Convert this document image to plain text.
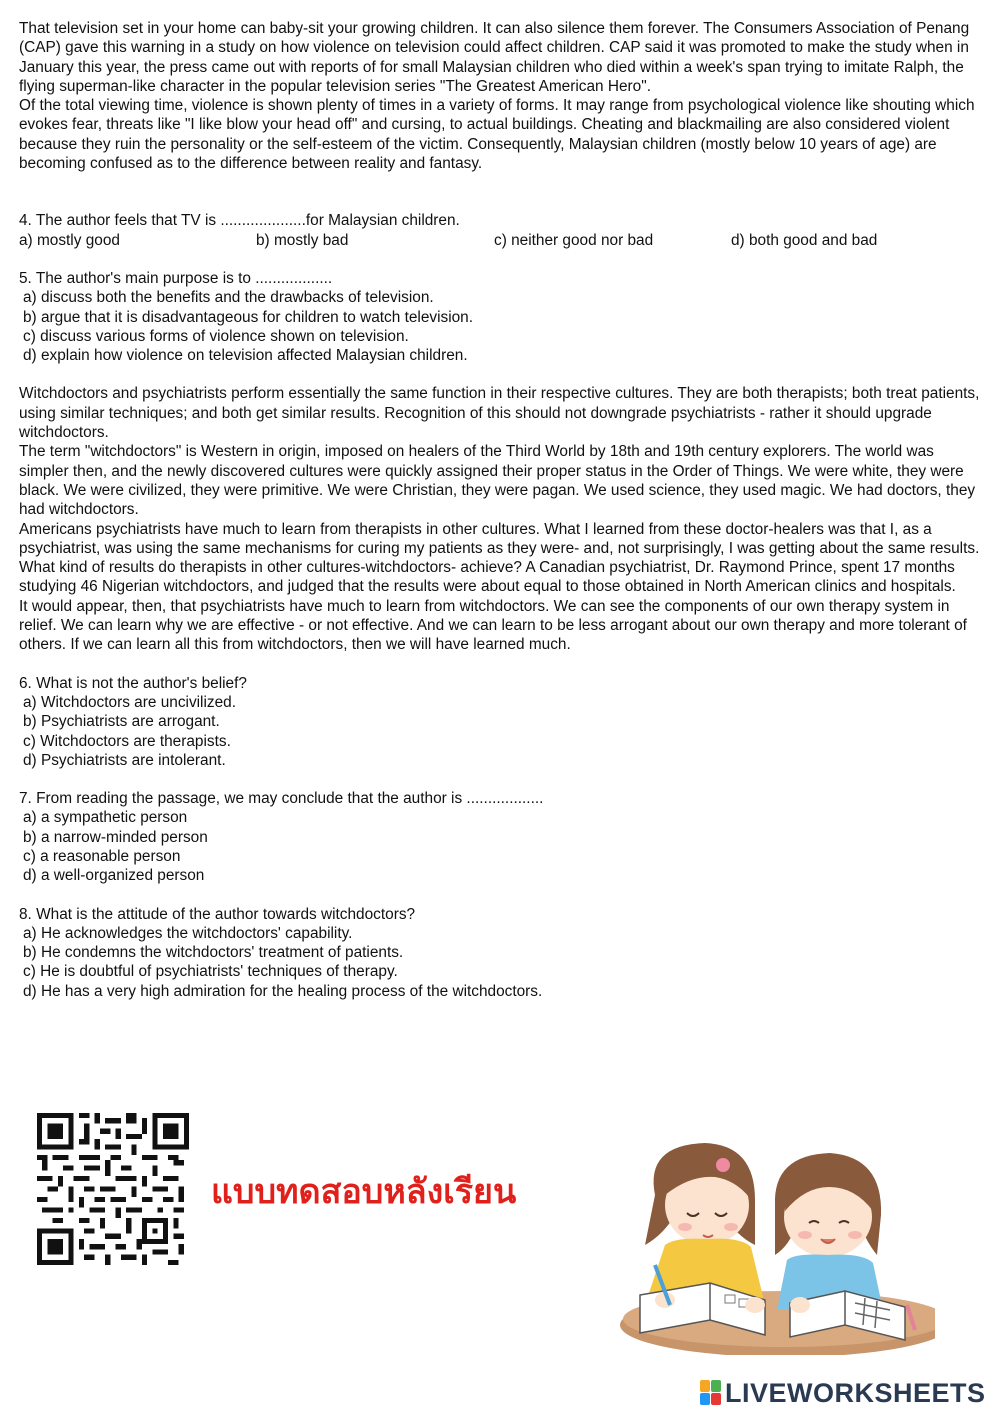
That television set in your home can baby-sit your growing children. It can also silence them forever. The Consumers Association of Penang (CAP) gave this warning in a study on how violence on television could affect children. CAP said it was promoted to make the study when in January this year, the press came out with reports of for small Malaysian children who died within a week's span trying to imitate Ralph, the flying superman-like character in the popular television series "The Greatest American Hero".

Of the total viewing time, violence is shown plenty of times in a variety of forms. It may range from psychological violence like shouting which evokes fear, threats like "I like blow your head off" and cursing, to actual buildings. Cheating and blackmailing are also considered violent because they ruin the personality or the self-esteem of the victim. Consequently, Malaysian children (mostly below 10 years of age) are becoming confused as to the difference between reality and fantasy.

4. The author feels that TV is ....................for Malaysian children.

a) mostly good	b) mostly bad	c) neither good nor bad	d) both good and bad

5. The author's main purpose is to ..................

a) discuss both the benefits and the drawbacks of television.

b) argue that it is disadvantageous for children to watch television.

c) discuss various forms of violence shown on television.

d) explain how violence on television affected Malaysian children.

Witchdoctors and psychiatrists perform essentially the same function in their respective cultures. They are both therapists; both treat patients, using similar techniques; and both get similar results. Recognition of this should not downgrade psychiatrists - rather it should upgrade witchdoctors.

The term "witchdoctors" is Western in origin, imposed on healers of the Third World by 18th and 19th century explorers. The world was simpler then, and the newly discovered cultures were quickly assigned their proper status in the Order of Things. We were white, they were black. We were civilized, they were primitive. We were Christian, they were pagan. We used science, they used magic. We had doctors, they had witchdoctors.

Americans psychiatrists have much to learn from therapists in other cultures. What I learned from these doctor-healers was that I, as a psychiatrist, was using the same mechanisms for curing my patients as they were- and, not surprisingly, I was getting about the same results.

What kind of results do therapists in other cultures-witchdoctors- achieve? A Canadian psychiatrist, Dr. Raymond Prince, spent 17 months studying 46 Nigerian witchdoctors, and judged that the results were about equal to those obtained in North American clinics and hospitals.

It would appear, then, that psychiatrists have much to learn from witchdoctors. We can see the components of our own therapy system in relief. We can learn why we are effective - or not effective. And we can learn to be less arrogant about our own therapy and more tolerant of others. If we can learn all this from witchdoctors, then we will have learned much.

6. What is not the author's belief?

a) Witchdoctors are uncivilized.

b) Psychiatrists are arrogant.

c) Witchdoctors are therapists.

d) Psychiatrists are intolerant.

7. From reading the passage, we may conclude that the author is ..................

a) a sympathetic person

b) a narrow-minded person

c) a reasonable person

d) a well-organized person

8. What is the attitude of the author towards witchdoctors?

a) He acknowledges the witchdoctors' capability.

b) He condemns the witchdoctors' treatment of patients.

c) He is doubtful of psychiatrists' techniques of therapy.

d) He has a very high admiration for the healing process of the witchdoctors.

แบบทดสอบหลังเรียน
LIVEWORKSHEETS
